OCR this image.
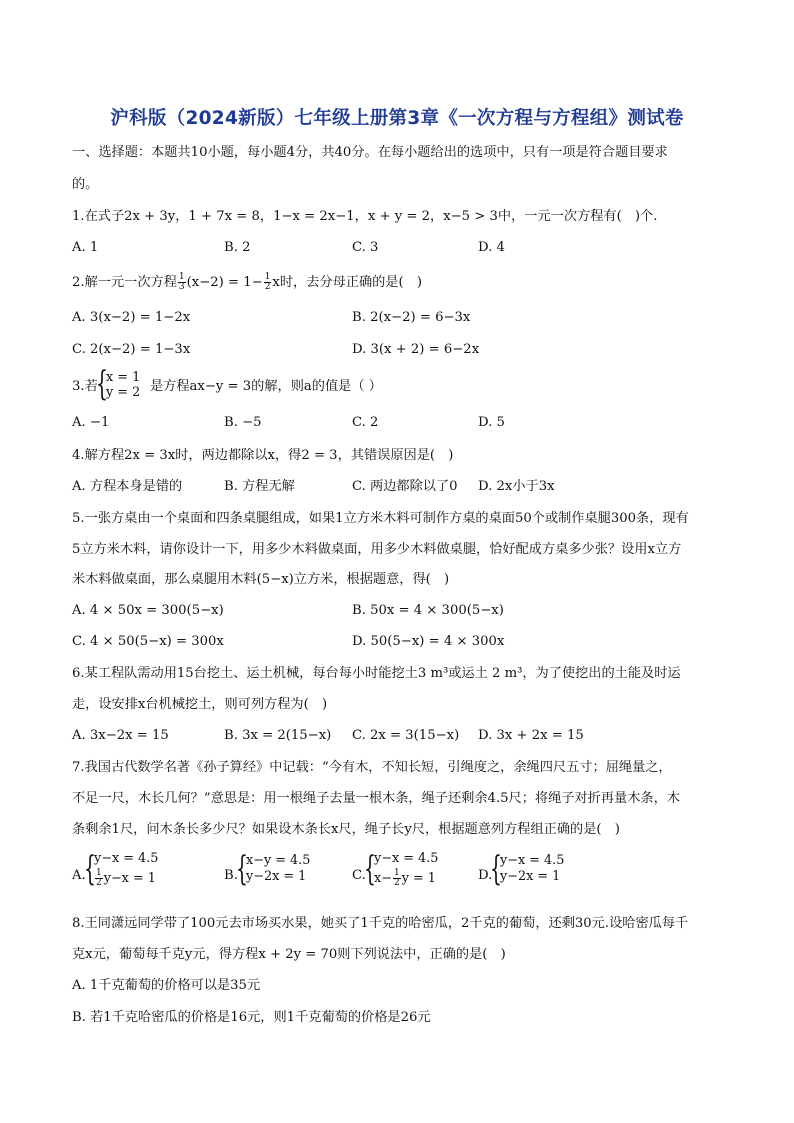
沪科版（2024新版）七年级上册第3章《一次方程与方程组》测试卷
一、选择题：本题共10小题，每小题4分，共40分。在每小题给出的选项中，只有一项是符合题目要求
的。
1.在式子2x + 3y，1 + 7x = 8，1−x = 2x−1，x + y = 2，x−5 > 3中，一元一次方程有(　)个.
A. 1	B. 2	C. 3	D. 4
2.解一元一次方程 $\frac{1}{3} (x-2) = 1- \frac{1}{2}$ x时，去分母正确的是(　)
A. 3(x−2) = 1−2x	B. 2(x−2) = 6−3x
C. 2(x−2) = 1−3x	D. 3(x + 2) = 6−2x
3.若
{
x = 1
y = 2 是方程ax−y = 3的解，则a的值是（ ）
A. −1	B. −5	C. 2	D. 5
4.解方程2x = 3x时，两边都除以x，得2 = 3，其错误原因是(　)
A. 方程本身是错的	B. 方程无解	C. 两边都除以了0 D. 2x小于3x
5.一张方桌由一个桌面和四条桌腿组成，如果1立方米木料可制作方桌的桌面50个或制作桌腿300条，现有
5立方米木料，请你设计一下，用多少木料做桌面，用多少木料做桌腿，恰好配成方桌多少张？设用x立方
米木料做桌面，那么桌腿用木料(5−x)立方米，根据题意，得(　)
A. 4 × 50x = 300(5−x)	B. 50x = 4 × 300(5−x)
C. 4 × 50(5−x) = 300x	D. 50(5−x) = 4 × 300x
6.某工程队需动用15台挖土、运土机械，每台每小时能挖土3 m³或运土 2 m³，为了使挖出的土能及时运
走，设安排x台机械挖土，则可列方程为(　)
A. 3x−2x = 15	B. 3x = 2(15−x) C. 2x = 3(15−x) D. 3x + 2x = 15
7.我国古代数学名著《孙子算经》中记载：“今有木，不知长短，引绳度之，余绳四尺五寸；屈绳量之，
不足一尺，木长几何？”意思是：用一根绳子去量一根木条，绳子还剩余4.5尺；将绳子对折再量木条，木
条剩余1尺，问木条长多少尺？如果设木条长x尺，绳子长y尺，根据题意列方程组正确的是(　)
A.
{
y−x = 4.5
$\frac{1}{2} y-x = 1$	B.
{
x−y = 4.5
y−2x = 1	C.
{
y−x = 4.5
$x- \frac{1}{2}$ y = 1	D.
{
y−x = 4.5
y−2x = 1
8.王同潇远同学带了100元去市场买水果，她买了1千克的哈密瓜，2千克的葡萄，还剩30元.设哈密瓜每千
克x元，葡萄每千克y元，得方程x + 2y = 70则下列说法中，正确的是(　)
A. 1千克葡萄的价格可以是35元
B. 若1千克哈密瓜的价格是16元，则1千克葡萄的价格是26元
